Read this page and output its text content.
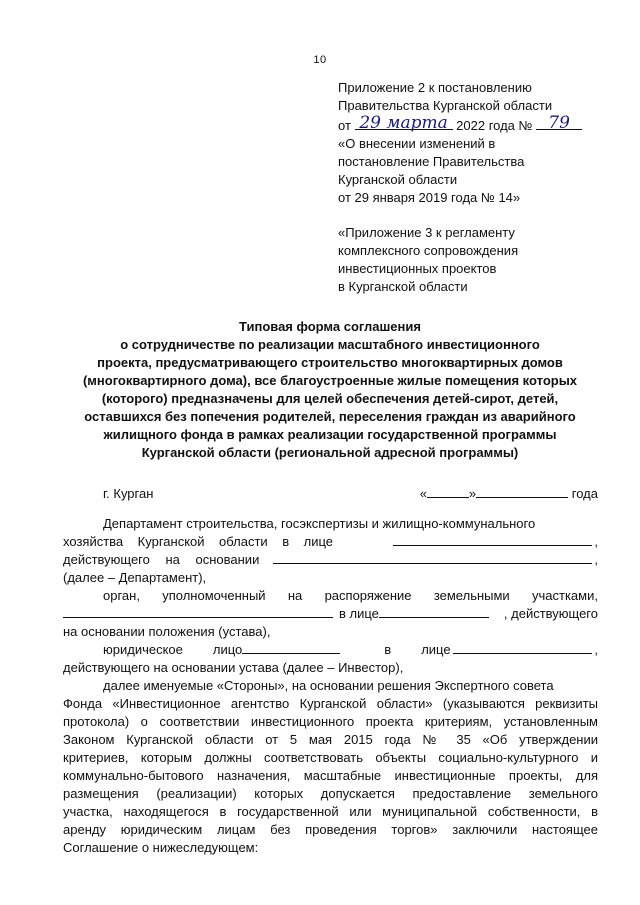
10

Приложение 2 к постановлению

Правительства Курганской области

от 29 марта 2022 года № 79

«О внесении изменений в

постановление Правительства

Курганской области

от 29 января 2019 года № 14»

«Приложение 3 к регламенту

комплексного сопровождения

инвестиционных проектов

в Курганской области

Типовая форма соглашения

о сотрудничестве по реализации масштабного инвестиционного

проекта, предусматривающего строительство многоквартирных домов

(многоквартирного дома), все благоустроенные жилые помещения которых

(которого) предназначены для целей обеспечения детей-сирот, детей,

оставшихся без попечения родителей, переселения граждан из аварийного

жилищного фонда в рамках реализации государственной программы

Курганской области (региональной адресной программы)

г. Курган	«	»	года

Департамент строительства, госэкспертизы и жилищно-коммунального

хозяйства Курганской области в лице	,
действующего на основании	,

(далее – Департамент),

орган, уполномоченный на распоряжение земельными участками,
в лице	, действующего

на основании положения (устава),

юридическое лицо	в лице	,

действующего на основании устава (далее – Инвестор),

далее именуемые «Стороны», на основании решения Экспертного совета

Фонда «Инвестиционное агентство Курганской области» (указываются реквизиты

протокола) о соответствии инвестиционного проекта критериям, установленным

Законом Курганской области от 5 мая 2015 года № 35 «Об утверждении

критериев, которым должны соответствовать объекты социально-культурного и

коммунально-бытового назначения, масштабные инвестиционные проекты, для

размещения (реализации) которых допускается предоставление земельного

участка, находящегося в государственной или муниципальной собственности, в

аренду юридическим лицам без проведения торгов» заключили настоящее

Соглашение о нижеследующем:
